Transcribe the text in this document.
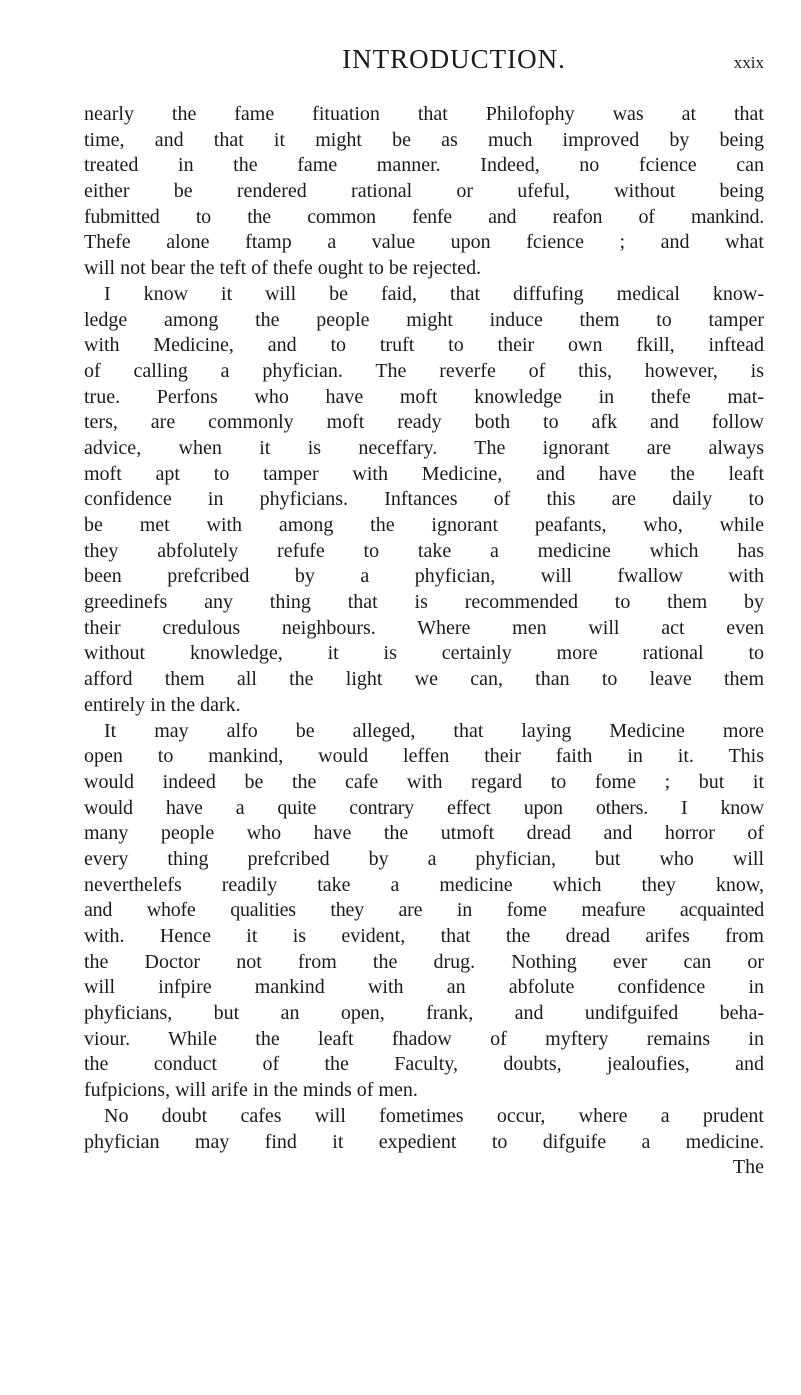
INTRODUCTION.	xxix
nearly the fame fituation that Philofophy was at that
time, and that it might be as much improved by being
treated in the fame manner. Indeed, no fcience can
either be rendered rational or ufeful, without being
fubmitted to the common fenfe and reafon of mankind.
Thefe alone ftamp a value upon fcience ; and what
will not bear the teft of thefe ought to be rejected.
I know it will be faid, that diffufing medical know-
ledge among the people might induce them to tamper
with Medicine, and to truft to their own fkill, inftead
of calling a phyfician. The reverfe of this, however, is
true. Perfons who have moft knowledge in thefe mat-
ters, are commonly moft ready both to afk and follow
advice, when it is neceffary. The ignorant are always
moft apt to tamper with Medicine, and have the leaft
confidence in phyficians. Inftances of this are daily to
be met with among the ignorant peafants, who, while
they abfolutely refufe to take a medicine which has
been prefcribed by a phyfician, will fwallow with
greedinefs any thing that is recommended to them by
their credulous neighbours. Where men will act even
without knowledge, it is certainly more rational to
afford them all the light we can, than to leave them
entirely in the dark.
It may alfo be alleged, that laying Medicine more
open to mankind, would leffen their faith in it. This
would indeed be the cafe with regard to fome ; but it
would have a quite contrary effect upon others. I know
many people who have the utmoft dread and horror of
every thing prefcribed by a phyfician, but who will
neverthelefs readily take a medicine which they know,
and whofe qualities they are in fome meafure acquainted
with. Hence it is evident, that the dread arifes from
the Doctor not from the drug. Nothing ever can or
will infpire mankind with an abfolute confidence in
phyficians, but an open, frank, and undifguifed beha-
viour. While the leaft fhadow of myftery remains in
the conduct of the Faculty, doubts, jealoufies, and
fufpicions, will arife in the minds of men.
No doubt cafes will fometimes occur, where a prudent
phyfician may find it expedient to difguife a medicine.
The
